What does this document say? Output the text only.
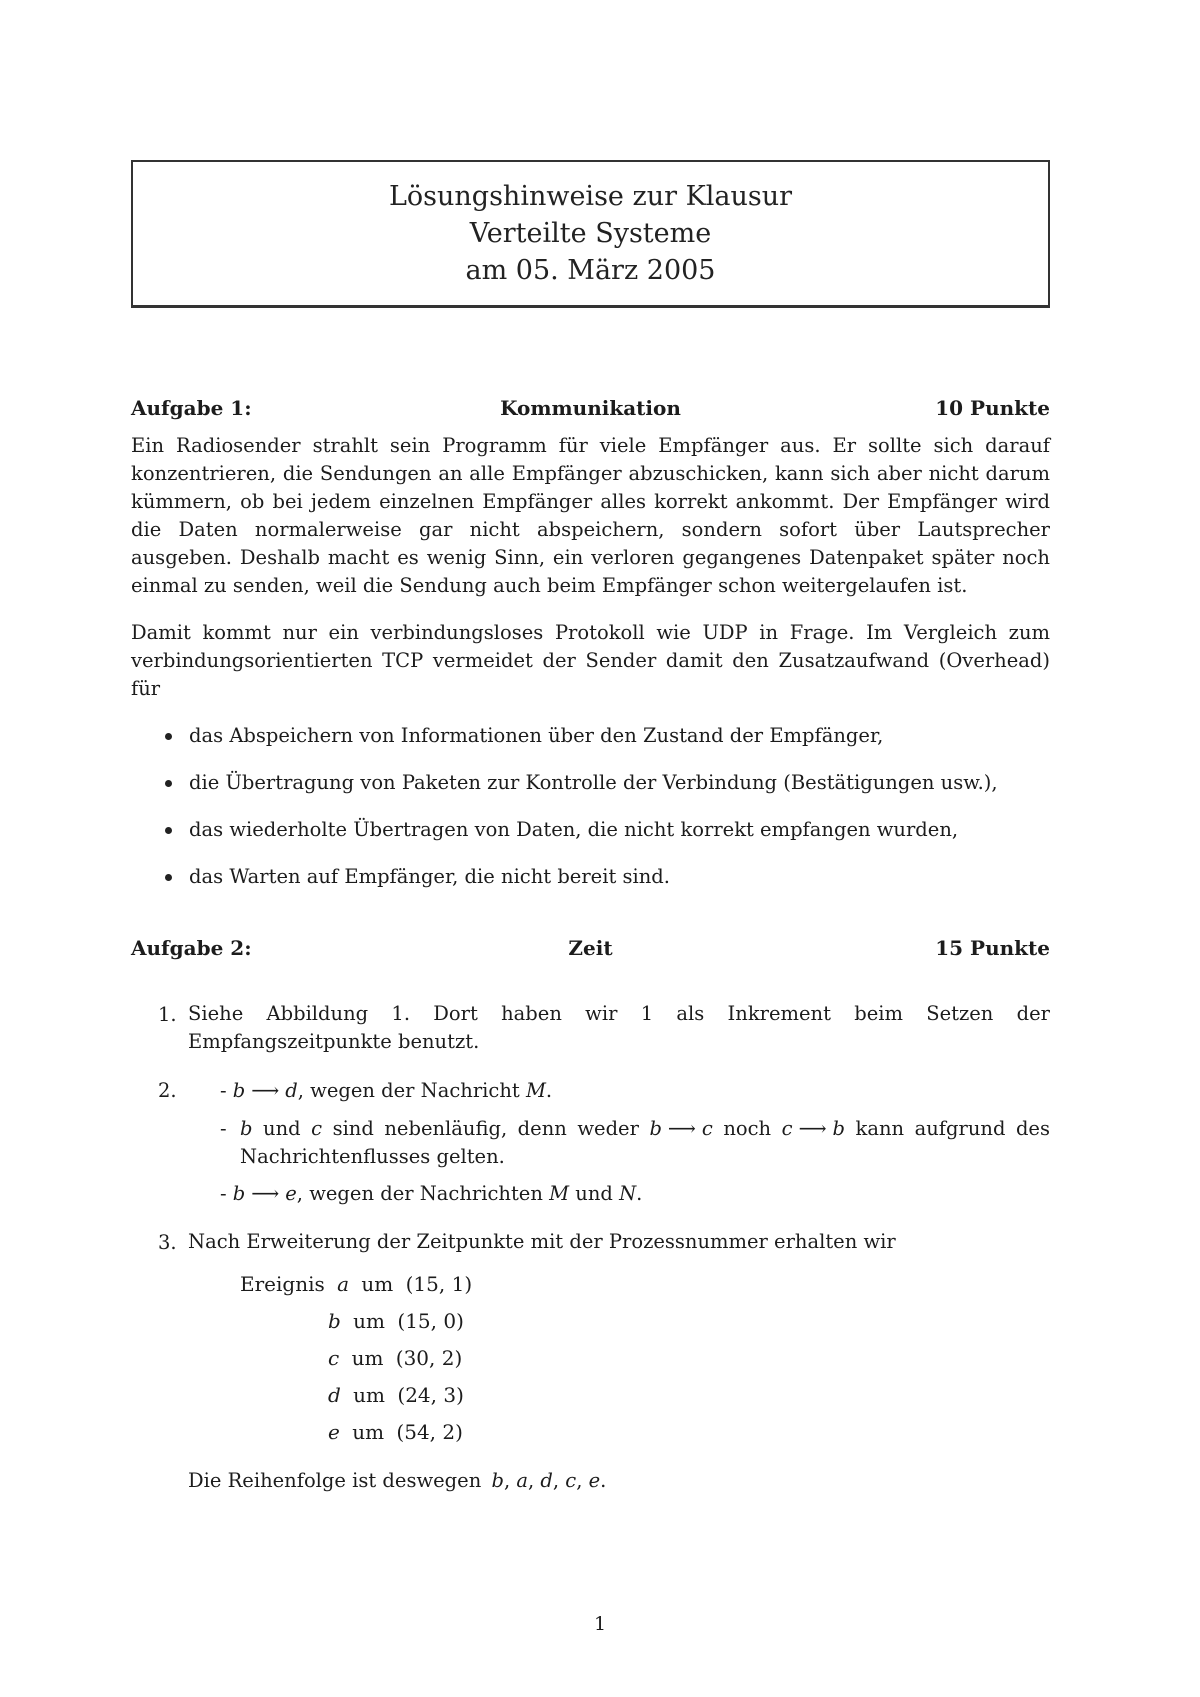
Lösungshinweise zur Klausur
Verteilte Systeme
am 05. März 2005
Aufgabe 1:	Kommunikation	10 Punkte

Ein Radiosender strahlt sein Programm für viele Empfänger aus. Er sollte sich darauf konzentrieren, die Sendungen an alle Empfänger abzuschicken, kann sich aber nicht darum kümmern, ob bei jedem einzelnen Empfänger alles korrekt ankommt. Der Empfänger wird die Daten normalerweise gar nicht abspeichern, sondern sofort über Lautsprecher ausgeben. Deshalb macht es wenig Sinn, ein verloren gegangenes Datenpaket später noch einmal zu senden, weil die Sendung auch beim Empfänger schon weitergelaufen ist.

Damit kommt nur ein verbindungsloses Protokoll wie UDP in Frage. Im Vergleich zum verbindungsorientierten TCP vermeidet der Sender damit den Zusatzaufwand (Overhead) für

das Abspeichern von Informationen über den Zustand der Empfänger,
die Übertragung von Paketen zur Kontrolle der Verbindung (Bestätigungen usw.),
das wiederholte Übertragen von Daten, die nicht korrekt empfangen wurden,
das Warten auf Empfänger, die nicht bereit sind.
Aufgabe 2:	Zeit	15 Punkte
1. Siehe Abbildung 1. Dort haben wir 1 als Inkrement beim Setzen der Empfangszeitpunkte benutzt.
2. - b ⟶ d, wegen der Nachricht M.
- b und c sind nebenläufig, denn weder b ⟶ c noch c ⟶ b kann aufgrund des Nachrichtenflusses gelten.
- b ⟶ e, wegen der Nachrichten M und N.
3. Nach Erweiterung der Zeitpunkte mit der Prozessnummer erhalten wir
Ereignis a um (15, 1)
b um (15, 0)
c um (30, 2)
d um (24, 3)
e um (54, 2)
Die Reihenfolge ist deswegen b, a, d, c, e.
1
